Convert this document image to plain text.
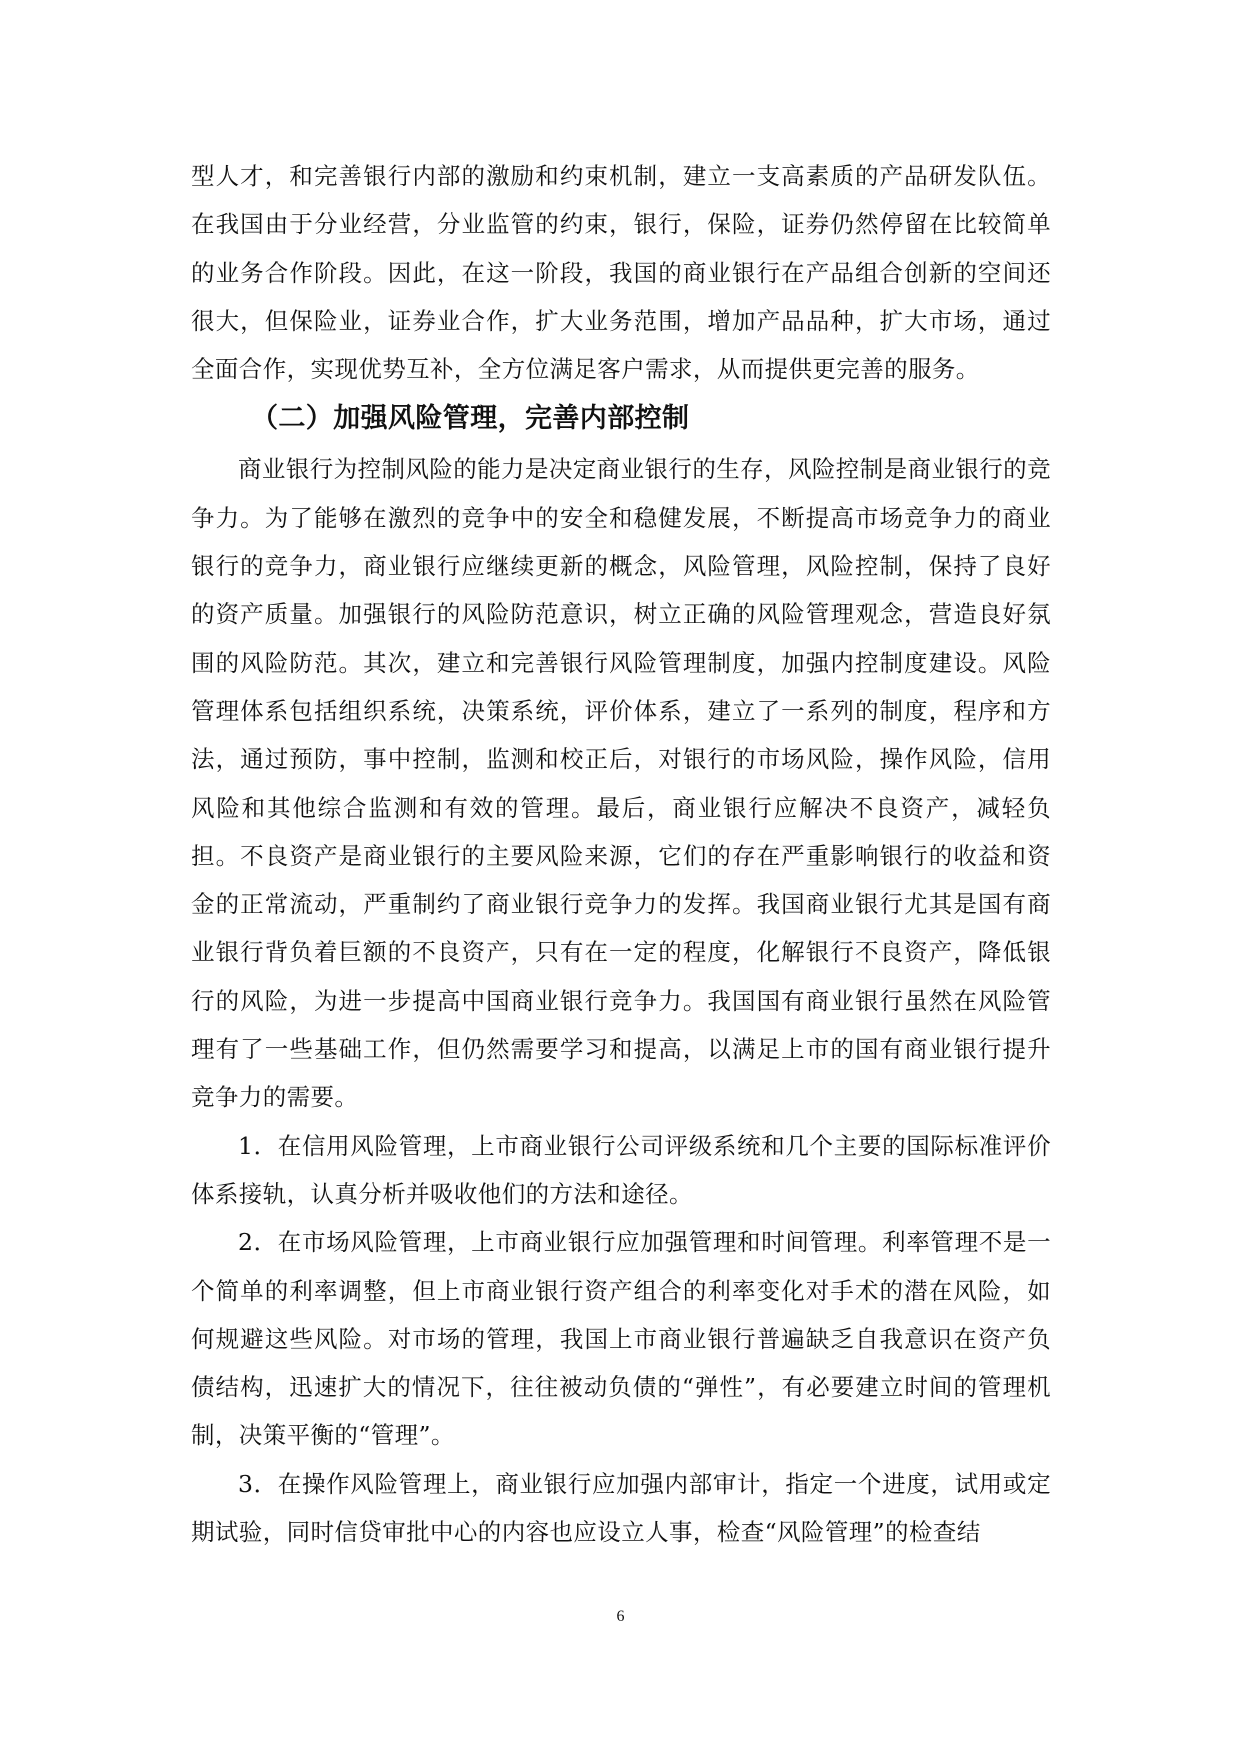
型人才，和完善银行内部的激励和约束机制，建立一支高素质的产品研发队伍。在我国由于分业经营，分业监管的约束，银行，保险，证券仍然停留在比较简单的业务合作阶段。因此，在这一阶段，我国的商业银行在产品组合创新的空间还很大，但保险业，证券业合作，扩大业务范围，增加产品品种，扩大市场，通过全面合作，实现优势互补，全方位满足客户需求，从而提供更完善的服务。

（二）加强风险管理，完善内部控制

商业银行为控制风险的能力是决定商业银行的生存，风险控制是商业银行的竞争力。为了能够在激烈的竞争中的安全和稳健发展，不断提高市场竞争力的商业银行的竞争力，商业银行应继续更新的概念，风险管理，风险控制，保持了良好的资产质量。加强银行的风险防范意识，树立正确的风险管理观念，营造良好氛围的风险防范。其次，建立和完善银行风险管理制度，加强内控制度建设。风险管理体系包括组织系统，决策系统，评价体系，建立了一系列的制度，程序和方法，通过预防，事中控制，监测和校正后，对银行的市场风险，操作风险，信用风险和其他综合监测和有效的管理。最后，商业银行应解决不良资产，减轻负担。不良资产是商业银行的主要风险来源，它们的存在严重影响银行的收益和资金的正常流动，严重制约了商业银行竞争力的发挥。我国商业银行尤其是国有商业银行背负着巨额的不良资产，只有在一定的程度，化解银行不良资产，降低银行的风险，为进一步提高中国商业银行竞争力。我国国有商业银行虽然在风险管理有了一些基础工作，但仍然需要学习和提高，以满足上市的国有商业银行提升竞争力的需要。

1．在信用风险管理，上市商业银行公司评级系统和几个主要的国际标准评价体系接轨，认真分析并吸收他们的方法和途径。

2．在市场风险管理，上市商业银行应加强管理和时间管理。利率管理不是一个简单的利率调整，但上市商业银行资产组合的利率变化对手术的潜在风险，如何规避这些风险。对市场的管理，我国上市商业银行普遍缺乏自我意识在资产负债结构，迅速扩大的情况下，往往被动负债的“弹性”，有必要建立时间的管理机制，决策平衡的“管理”。

3．在操作风险管理上，商业银行应加强内部审计，指定一个进度，试用或定期试验，同时信贷审批中心的内容也应设立人事，检查“风险管理”的检查结

6
